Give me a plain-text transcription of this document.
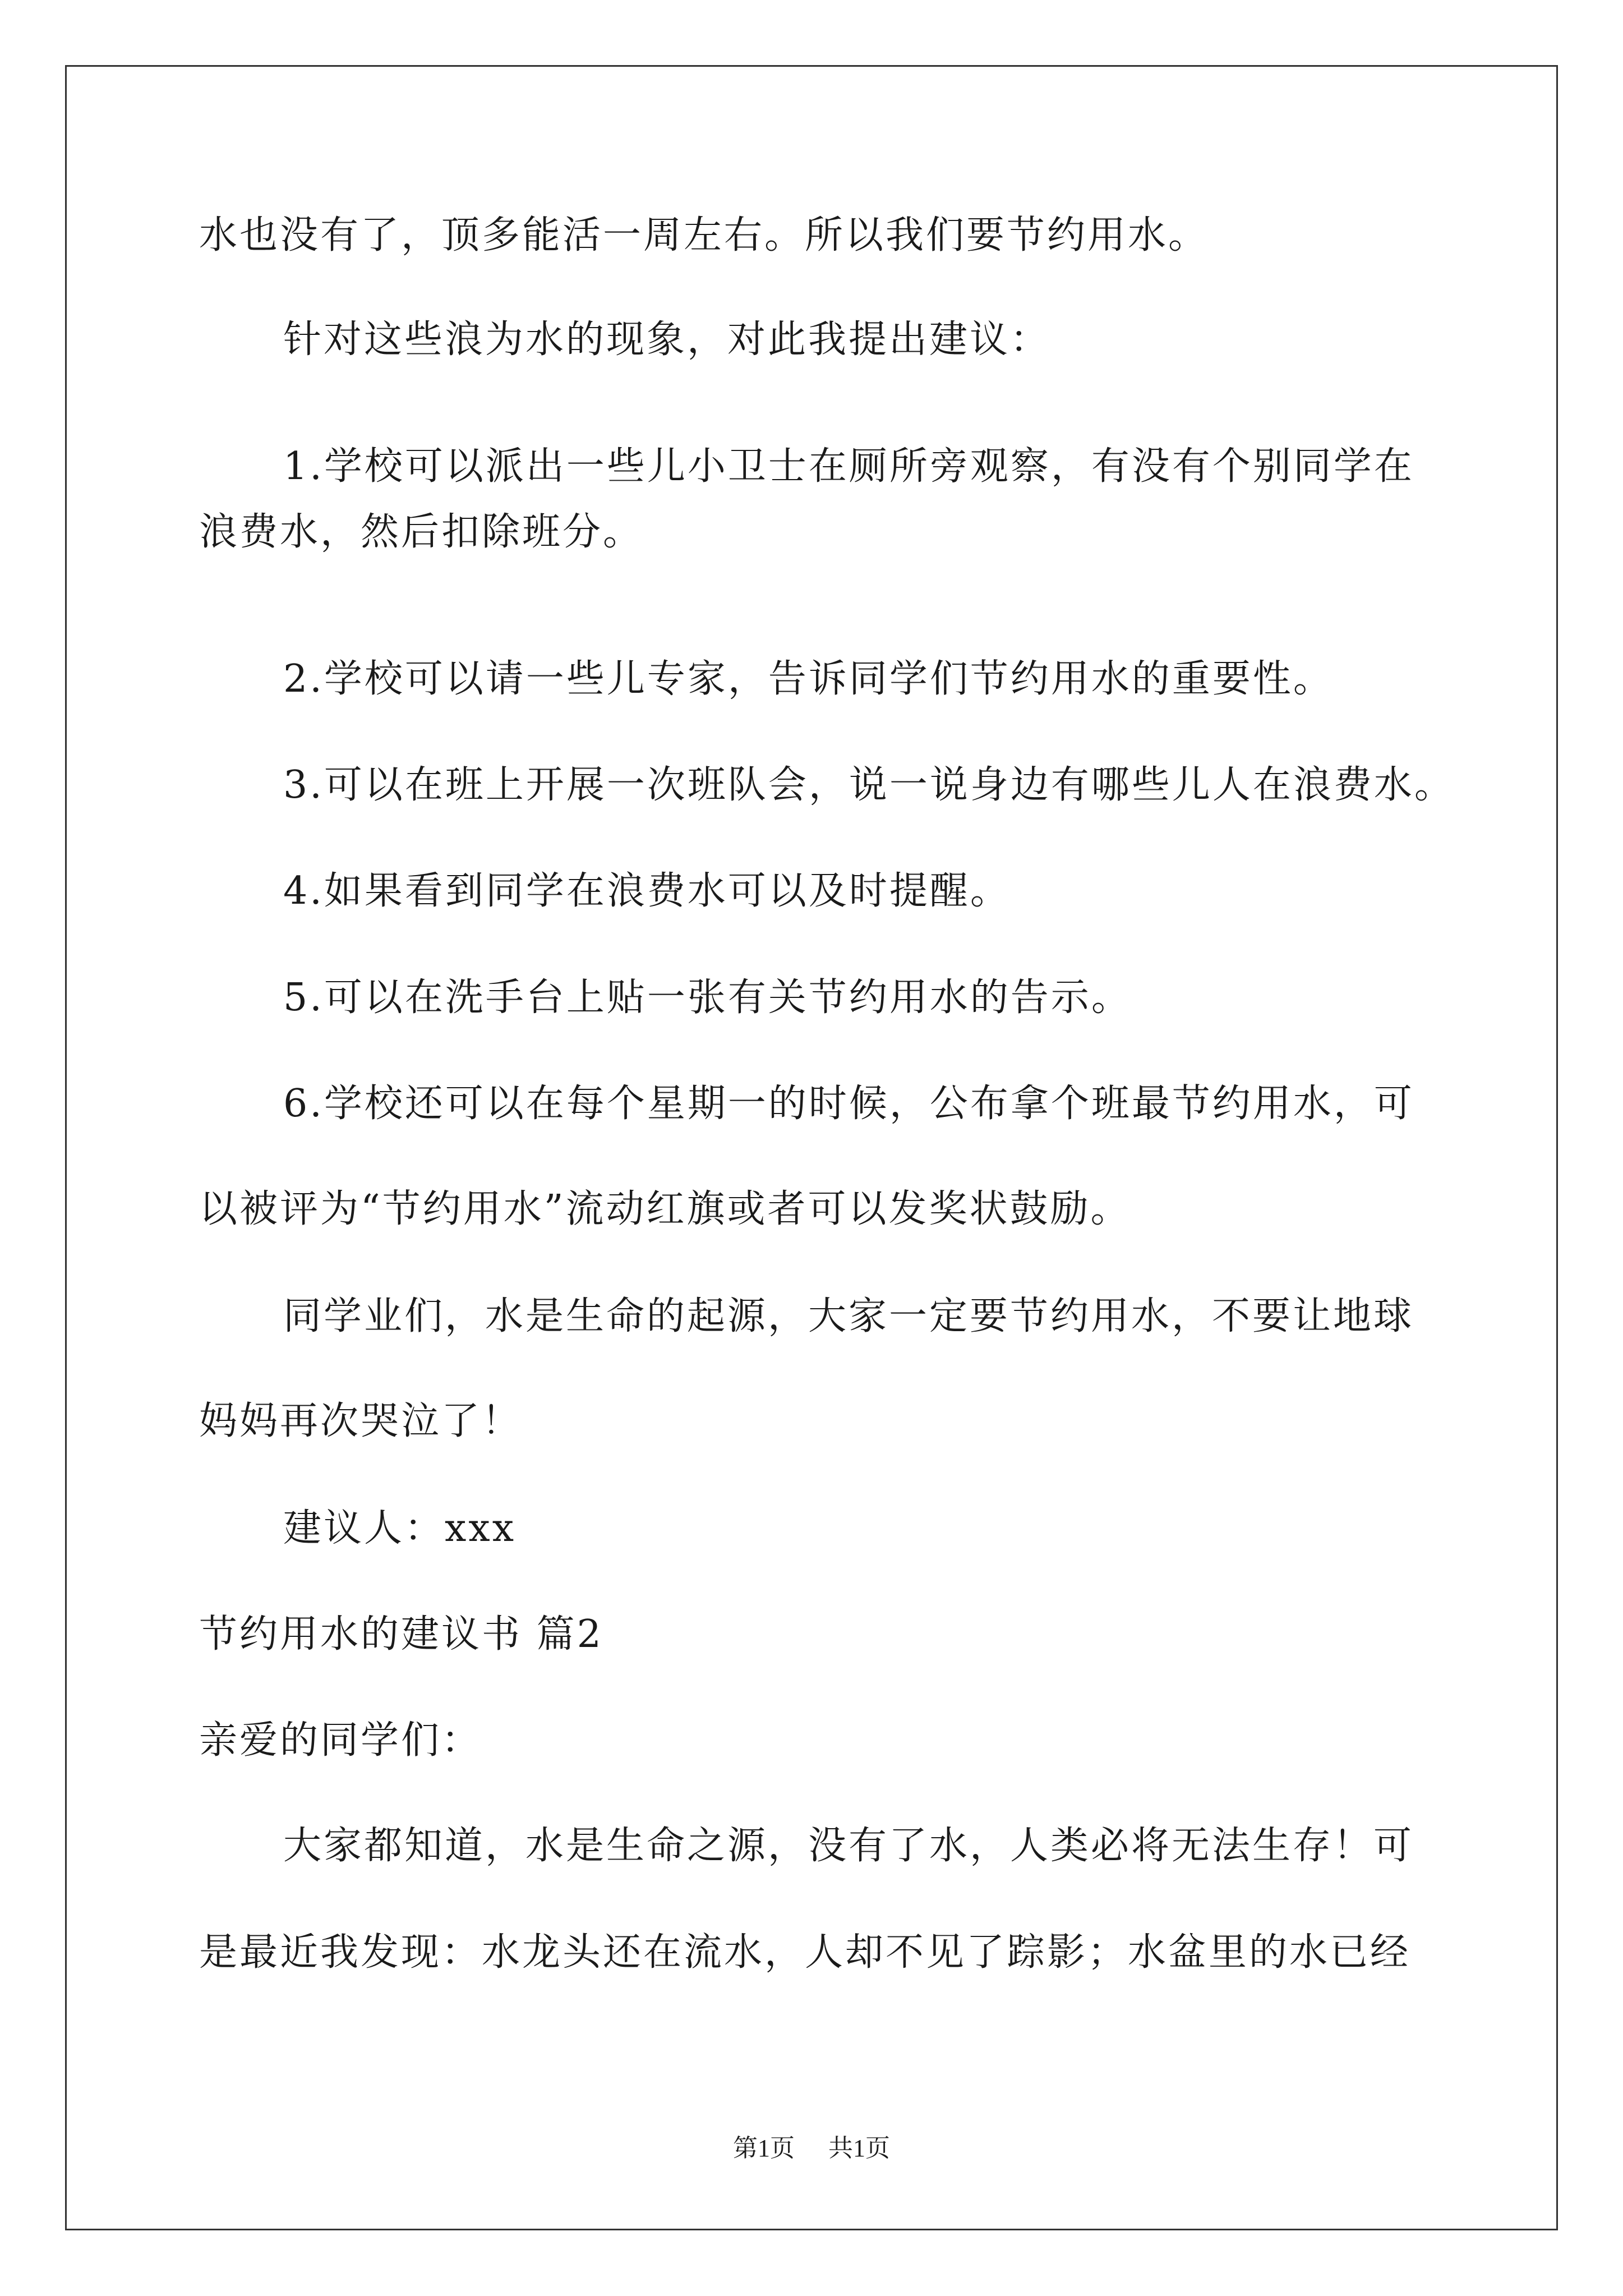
水也没有了，顶多能活一周左右。所以我们要节约用水。
针对这些浪为水的现象，对此我提出建议：
1.学校可以派出一些儿小卫士在厕所旁观察，有没有个别同学在
浪费水，然后扣除班分。
2.学校可以请一些儿专家，告诉同学们节约用水的重要性。
3.可以在班上开展一次班队会，说一说身边有哪些儿人在浪费水。
4.如果看到同学在浪费水可以及时提醒。
5.可以在洗手台上贴一张有关节约用水的告示。
6.学校还可以在每个星期一的时候，公布拿个班最节约用水，可
以被评为“节约用水”流动红旗或者可以发奖状鼓励。
同学业们，水是生命的起源，大家一定要节约用水，不要让地球
妈妈再次哭泣了！
建议人：xxx
节约用水的建议书 篇2
亲爱的同学们：
大家都知道，水是生命之源，没有了水，人类必将无法生存！可
是最近我发现：水龙头还在流水，人却不见了踪影；水盆里的水已经
第1页 共1页
